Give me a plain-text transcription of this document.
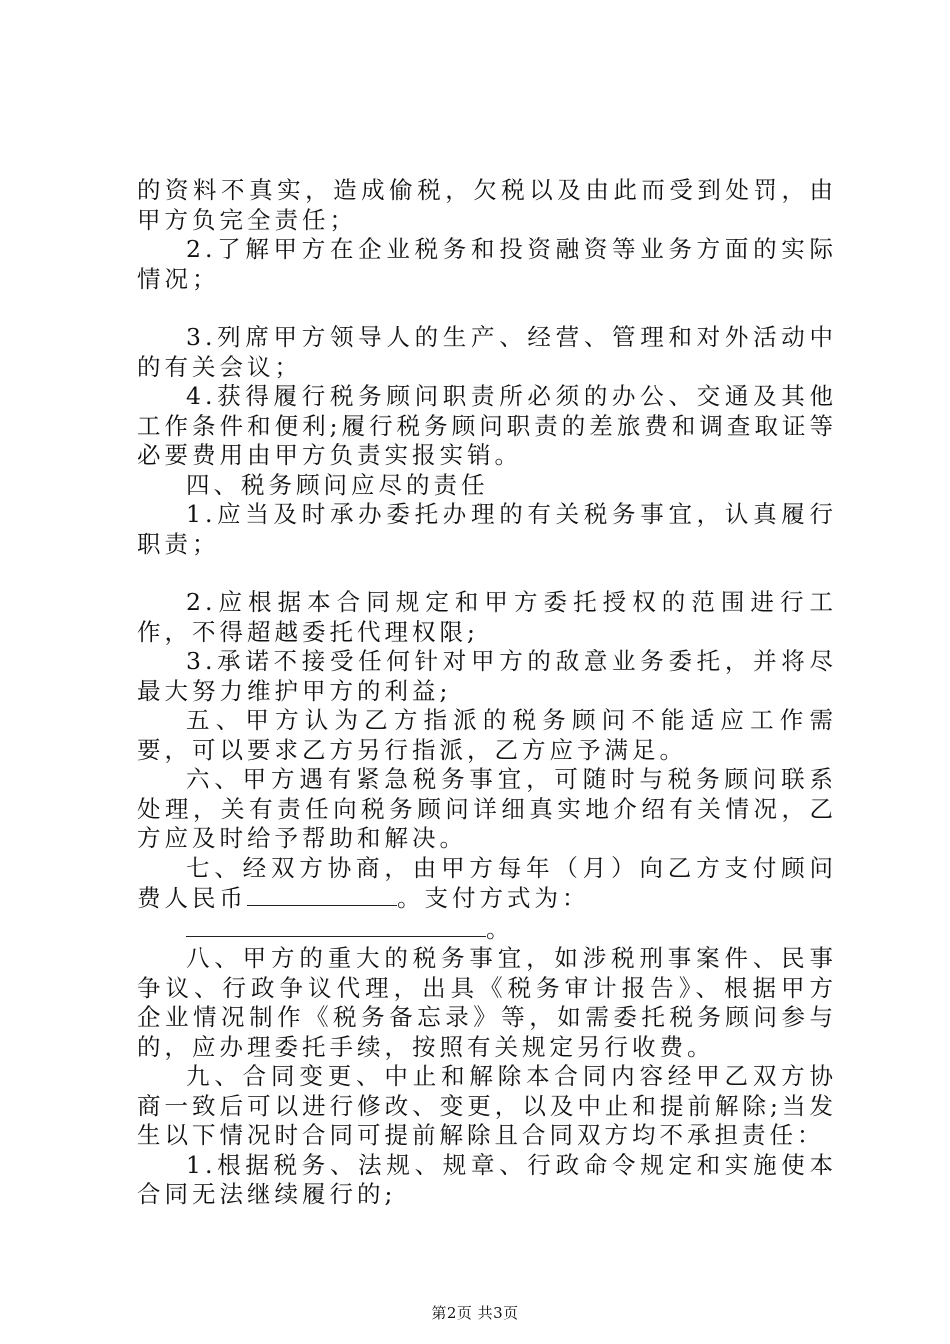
的资料不真实，造成偷税，欠税以及由此而受到处罚，由甲方负完全责任；

2.了解甲方在企业税务和投资融资等业务方面的实际情况；

3.列席甲方领导人的生产、经营、管理和对外活动中的有关会议；

4.获得履行税务顾问职责所必须的办公、交通及其他工作条件和便利;履行税务顾问职责的差旅费和调查取证等必要费用由甲方负责实报实销。

四、税务顾问应尽的责任

1.应当及时承办委托办理的有关税务事宜，认真履行职责；

2.应根据本合同规定和甲方委托授权的范围进行工作，不得超越委托代理权限;

3.承诺不接受任何针对甲方的敌意业务委托，并将尽最大努力维护甲方的利益;

五、甲方认为乙方指派的税务顾问不能适应工作需要，可以要求乙方另行指派，乙方应予满足。

六、甲方遇有紧急税务事宜，可随时与税务顾问联系处理，关有责任向税务顾问详细真实地介绍有关情况，乙方应及时给予帮助和解决。

七、经双方协商，由甲方每年（月）向乙方支付顾问费人民币	。支付方式为：

。

八、甲方的重大的税务事宜，如涉税刑事案件、民事争议、行政争议代理，出具《税务审计报告》、根据甲方企业情况制作《税务备忘录》等，如需委托税务顾问参与的，应办理委托手续，按照有关规定另行收费。

九、合同变更、中止和解除本合同内容经甲乙双方协商一致后可以进行修改、变更，以及中止和提前解除;当发生以下情况时合同可提前解除且合同双方均不承担责任：

1.根据税务、法规、规章、行政命令规定和实施使本合同无法继续履行的;

第2页 共3页
